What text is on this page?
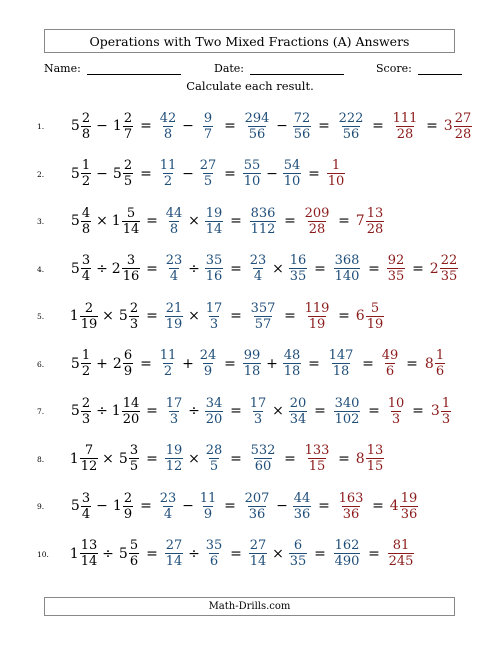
Operations with Two Mixed Fractions (A) Answers
Name:	Date:	Score:
Calculate each result.
1.	$5 \frac{2}{8} - 1 \frac{2}{7} = \frac{42}{8} - \frac{9}{7} = \frac{294}{56} - \frac{72}{56} = \frac{222}{56} = \frac{111}{28} = 3 \frac{27}{28}$
2.	$5 \frac{1}{2} - 5 \frac{2}{5} = \frac{11}{2} - \frac{27}{5} = \frac{55}{10} - \frac{54}{10} = \frac{1}{10}$
3.	$5 \frac{4}{8} \times 1 \frac{5}{14} = \frac{44}{8} \times \frac{19}{14} = \frac{836}{112} = \frac{209}{28} = 7 \frac{13}{28}$
4.	$5 \frac{3}{4} \div 2 \frac{3}{16} = \frac{23}{4} \div \frac{35}{16} = \frac{23}{4} \times \frac{16}{35} = \frac{368}{140} = \frac{92}{35} = 2 \frac{22}{35}$
5.	$1 \frac{2}{19} \times 5 \frac{2}{3} = \frac{21}{19} \times \frac{17}{3} = \frac{357}{57} = \frac{119}{19} = 6 \frac{5}{19}$
6.	$5 \frac{1}{2} + 2 \frac{6}{9} = \frac{11}{2} + \frac{24}{9} = \frac{99}{18} + \frac{48}{18} = \frac{147}{18} = \frac{49}{6} = 8 \frac{1}{6}$
7.	$5 \frac{2}{3} \div 1 \frac{14}{20} = \frac{17}{3} \div \frac{34}{20} = \frac{17}{3} \times \frac{20}{34} = \frac{340}{102} = \frac{10}{3} = 3 \frac{1}{3}$
8.	$1 \frac{7}{12} \times 5 \frac{3}{5} = \frac{19}{12} \times \frac{28}{5} = \frac{532}{60} = \frac{133}{15} = 8 \frac{13}{15}$
9.	$5 \frac{3}{4} - 1 \frac{2}{9} = \frac{23}{4} - \frac{11}{9} = \frac{207}{36} - \frac{44}{36} = \frac{163}{36} = 4 \frac{19}{36}$
10.	$1 \frac{13}{14} \div 5 \frac{5}{6} = \frac{27}{14} \div \frac{35}{6} = \frac{27}{14} \times \frac{6}{35} = \frac{162}{490} = \frac{81}{245}$
Math-Drills.com
